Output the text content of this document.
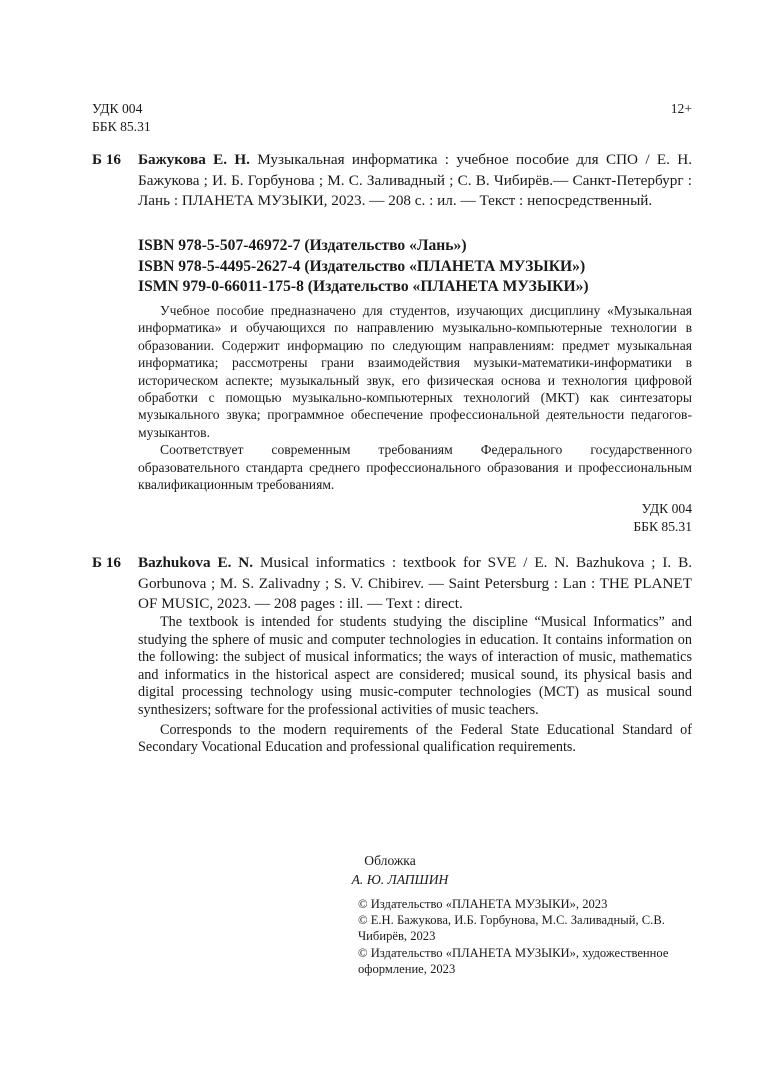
УДК 004
ББК 85.31
12+
Б 16 Бажукова Е. Н. Музыкальная информатика : учебное пособие для СПО / Е. Н. Бажукова ; И. Б. Горбунова ; М. С. Заливадный ; С. В. Чибирёв.— Санкт-Петербург : Лань : ПЛАНЕТА МУЗЫКИ, 2023. — 208 с. : ил. — Текст : непосредственный.
ISBN 978-5-507-46972-7 (Издательство «Лань»)
ISBN 978-5-4495-2627-4 (Издательство «ПЛАНЕТА МУЗЫКИ»)
ISMN 979-0-66011-175-8 (Издательство «ПЛАНЕТА МУЗЫКИ»)
Учебное пособие предназначено для студентов, изучающих дисциплину «Музыкальная информатика» и обучающихся по направлению музыкально-компьютерные технологии в образовании. Содержит информацию по следующим направлениям: предмет музыкальная информатика; рассмотрены грани взаимодействия музыки-математики-информатики в историческом аспекте; музыкальный звук, его физическая основа и технология цифровой обработки с помощью музыкально-компьютерных технологий (МКТ) как синтезаторы музыкального звука; программное обеспечение профессиональной деятельности педагогов-музыкантов.
Соответствует современным требованиям Федерального государственного образовательного стандарта среднего профессионального образования и профессиональным квалификационным требованиям.
УДК 004
ББК 85.31
Б 16 Bazhukova E. N. Musical informatics : textbook for SVE / E. N. Bazhukova ; I. B. Gorbunova ; M. S. Zalivadny ; S. V. Chibirev. — Saint Petersburg : Lan : THE PLANET OF MUSIC, 2023. — 208 pages : ill. — Text : direct.
The textbook is intended for students studying the discipline “Musical Informatics” and studying the sphere of music and computer technologies in education. It contains information on the following: the subject of musical informatics; the ways of interaction of music, mathematics and informatics in the historical aspect are considered; musical sound, its physical basis and digital processing technology using music-computer technologies (MCT) as musical sound synthesizers; software for the professional activities of music teachers.
Corresponds to the modern requirements of the Federal State Educational Standard of Secondary Vocational Education and professional qualification requirements.
Обложка
А. Ю. ЛАПШИН
© Издательство «ПЛАНЕТА МУЗЫКИ», 2023
© Е.Н. Бажукова, И.Б. Горбунова, М.С. Заливадный, С.В. Чибирёв, 2023
© Издательство «ПЛАНЕТА МУЗЫКИ», художественное оформление, 2023
